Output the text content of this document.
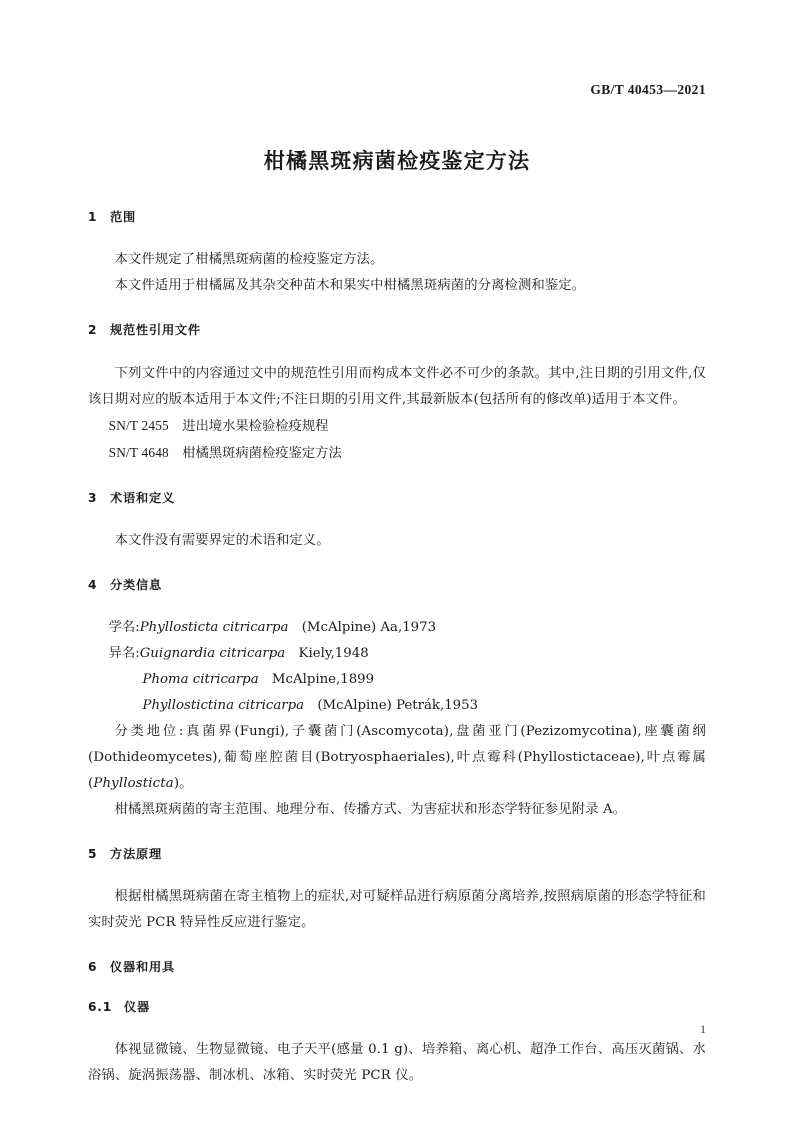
GB/T 40453—2021
柑橘黑斑病菌检疫鉴定方法
1 范围

本文件规定了柑橘黑斑病菌的检疫鉴定方法。

本文件适用于柑橘属及其杂交种苗木和果实中柑橘黑斑病菌的分离检测和鉴定。

2 规范性引用文件

下列文件中的内容通过文中的规范性引用而构成本文件必不可少的条款。其中,注日期的引用文件,仅该日期对应的版本适用于本文件;不注日期的引用文件,其最新版本(包括所有的修改单)适用于本文件。

SN/T 2455　 进出境水果检验检疫规程

SN/T 4648　 柑橘黑斑病菌检疫鉴定方法

3 术语和定义

本文件没有需要界定的术语和定义。

4 分类信息

学名:Phyllosticta citricarpa　 (McAlpine) Aa,1973

异名:Guignardia citricarpa　 Kiely,1948

Phoma citricarpa　 McAlpine,1899

Phyllostictina citricarpa　 (McAlpine) Petrák,1953

分类地位:真菌界(Fungi),子囊菌门(Ascomycota),盘菌亚门(Pezizomycotina),座囊菌纲(Dothideomycetes),葡萄座腔菌目(Botryosphaeriales),叶点霉科(Phyllostictaceae),叶点霉属(Phyllosticta)。

柑橘黑斑病菌的寄主范围、地理分布、传播方式、为害症状和形态学特征参见附录 A。

5 方法原理

根据柑橘黑斑病菌在寄主植物上的症状,对可疑样品进行病原菌分离培养,按照病原菌的形态学特征和实时荧光 PCR 特异性反应进行鉴定。

6 仪器和用具
6.1 仪器

体视显微镜、生物显微镜、电子天平(感量 0.1 g)、培养箱、离心机、超净工作台、高压灭菌锅、水浴锅、旋涡振荡器、制冰机、冰箱、实时荧光 PCR 仪。

1
